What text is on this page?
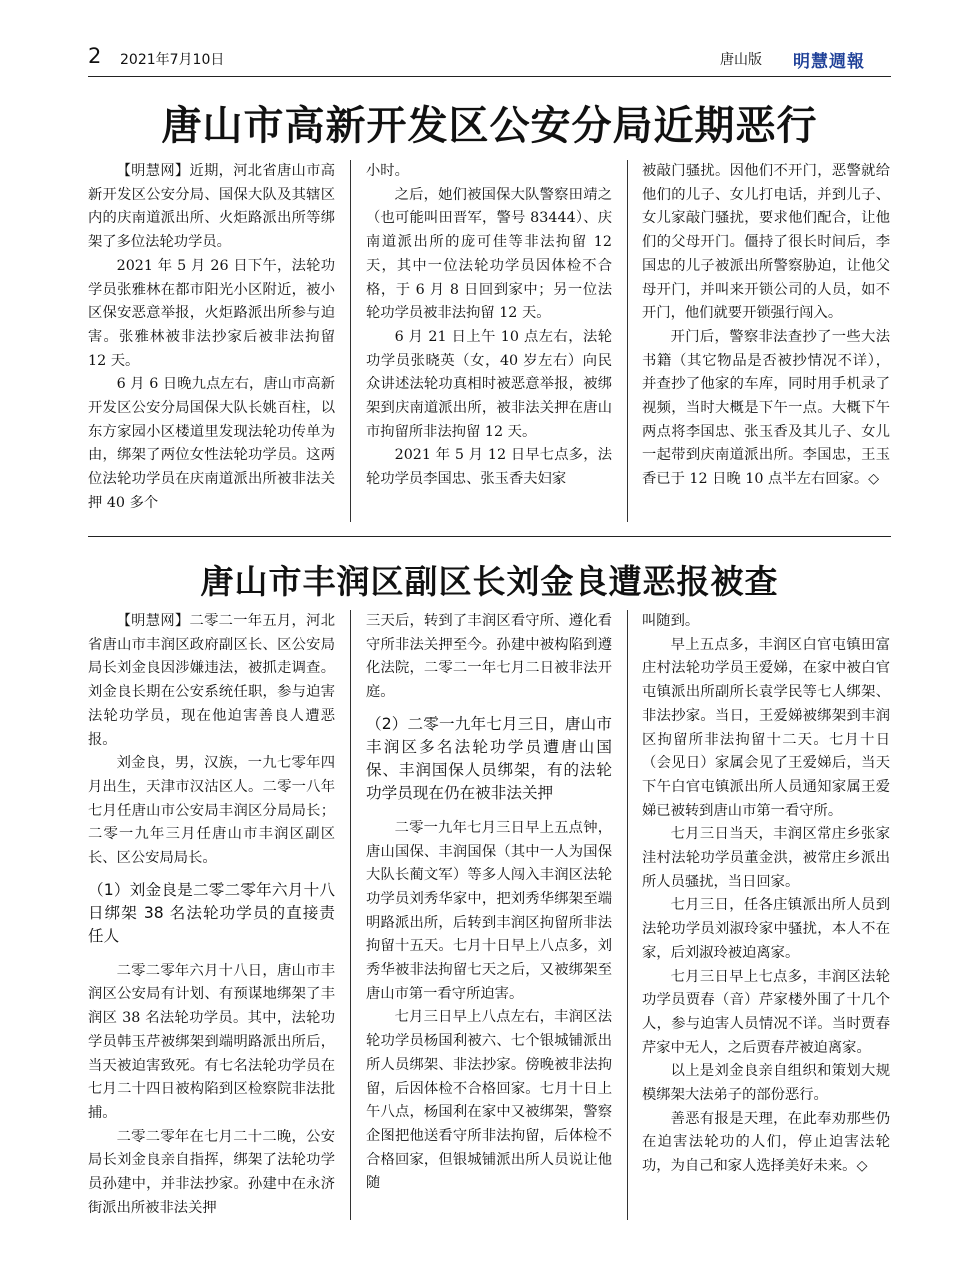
2 2021年7月10日	唐山版 明慧週報
唐山市高新开发区公安分局近期恶行

【明慧网】近期，河北省唐山市高新开发区公安分局、国保大队及其辖区内的庆南道派出所、火炬路派出所等绑架了多位法轮功学员。

2021 年 5 月 26 日下午，法轮功学员张雅林在都市阳光小区附近，被小区保安恶意举报，火炬路派出所参与迫害。张雅林被非法抄家后被非法拘留 12 天。

6 月 6 日晚九点左右，唐山市高新开发区公安分局国保大队长姚百柱，以东方家园小区楼道里发现法轮功传单为由，绑架了两位女性法轮功学员。这两位法轮功学员在庆南道派出所被非法关押 40 多个

小时。

之后，她们被国保大队警察田靖之（也可能叫田晋军，警号 83444）、庆南道派出所的庞可佳等非法拘留 12 天，其中一位法轮功学员因体检不合格，于 6 月 8 日回到家中；另一位法轮功学员被非法拘留 12 天。

6 月 21 日上午 10 点左右，法轮功学员张晓英（女，40 岁左右）向民众讲述法轮功真相时被恶意举报，被绑架到庆南道派出所，被非法关押在唐山市拘留所非法拘留 12 天。

2021 年 5 月 12 日早七点多，法轮功学员李国忠、张玉香夫妇家

被敲门骚扰。因他们不开门，恶警就给他们的儿子、女儿打电话，并到儿子、女儿家敲门骚扰，要求他们配合，让他们的父母开门。僵持了很长时间后，李国忠的儿子被派出所警察胁迫，让他父母开门，并叫来开锁公司的人员，如不开门，他们就要开锁强行闯入。

开门后，警察非法查抄了一些大法书籍（其它物品是否被抄情况不详），并查抄了他家的车库，同时用手机录了视频，当时大概是下午一点。大概下午两点将李国忠、张玉香及其儿子、女儿一起带到庆南道派出所。李国忠，王玉香已于 12 日晚 10 点半左右回家。◇

唐山市丰润区副区长刘金良遭恶报被查

【明慧网】二零二一年五月，河北省唐山市丰润区政府副区长、区公安局局长刘金良因涉嫌违法，被抓走调查。刘金良长期在公安系统任职，参与迫害法轮功学员，现在他迫害善良人遭恶报。

刘金良，男，汉族，一九七零年四月出生，天津市汉沽区人。二零一八年七月任唐山市公安局丰润区分局局长；二零一九年三月任唐山市丰润区副区长、区公安局局长。

（1）刘金良是二零二零年六月十八日绑架 38 名法轮功学员的直接责任人

二零二零年六月十八日，唐山市丰润区公安局有计划、有预谋地绑架了丰润区 38 名法轮功学员。其中，法轮功学员韩玉芹被绑架到端明路派出所后，当天被迫害致死。有七名法轮功学员在七月二十四日被构陷到区检察院非法批捕。

二零二零年在七月二十二晚，公安局长刘金良亲自指挥，绑架了法轮功学员孙建中，并非法抄家。孙建中在永济街派出所被非法关押

三天后，转到了丰润区看守所、遵化看守所非法关押至今。孙建中被构陷到遵化法院，二零二一年七月二日被非法开庭。

（2）二零一九年七月三日，唐山市丰润区多名法轮功学员遭唐山国保、丰润国保人员绑架，有的法轮功学员现在仍在被非法关押

二零一九年七月三日早上五点钟，唐山国保、丰润国保（其中一人为国保大队长蔺文军）等多人闯入丰润区法轮功学员刘秀华家中，把刘秀华绑架至端明路派出所，后转到丰润区拘留所非法拘留十五天。七月十日早上八点多，刘秀华被非法拘留七天之后，又被绑架至唐山市第一看守所迫害。

七月三日早上八点左右，丰润区法轮功学员杨国利被六、七个银城铺派出所人员绑架、非法抄家。傍晚被非法拘留，后因体检不合格回家。七月十日上午八点，杨国利在家中又被绑架，警察企图把他送看守所非法拘留，后体检不合格回家，但银城铺派出所人员说让他随

叫随到。

早上五点多，丰润区白官屯镇田富庄村法轮功学员王爱娣，在家中被白官屯镇派出所副所长袁学民等七人绑架、非法抄家。当日，王爱娣被绑架到丰润区拘留所非法拘留十二天。七月十日（会见日）家属会见了王爱娣后，当天下午白官屯镇派出所人员通知家属王爱娣已被转到唐山市第一看守所。

七月三日当天，丰润区常庄乡张家洼村法轮功学员董金洪，被常庄乡派出所人员骚扰，当日回家。

七月三日，任各庄镇派出所人员到法轮功学员刘淑玲家中骚扰，本人不在家，后刘淑玲被迫离家。

七月三日早上七点多，丰润区法轮功学员贾春（音）芹家楼外围了十几个人，参与迫害人员情况不详。当时贾春芹家中无人，之后贾春芹被迫离家。

以上是刘金良亲自组织和策划大规模绑架大法弟子的部份恶行。

善恶有报是天理，在此奉劝那些仍在迫害法轮功的人们，停止迫害法轮功，为自己和家人选择美好未来。◇
